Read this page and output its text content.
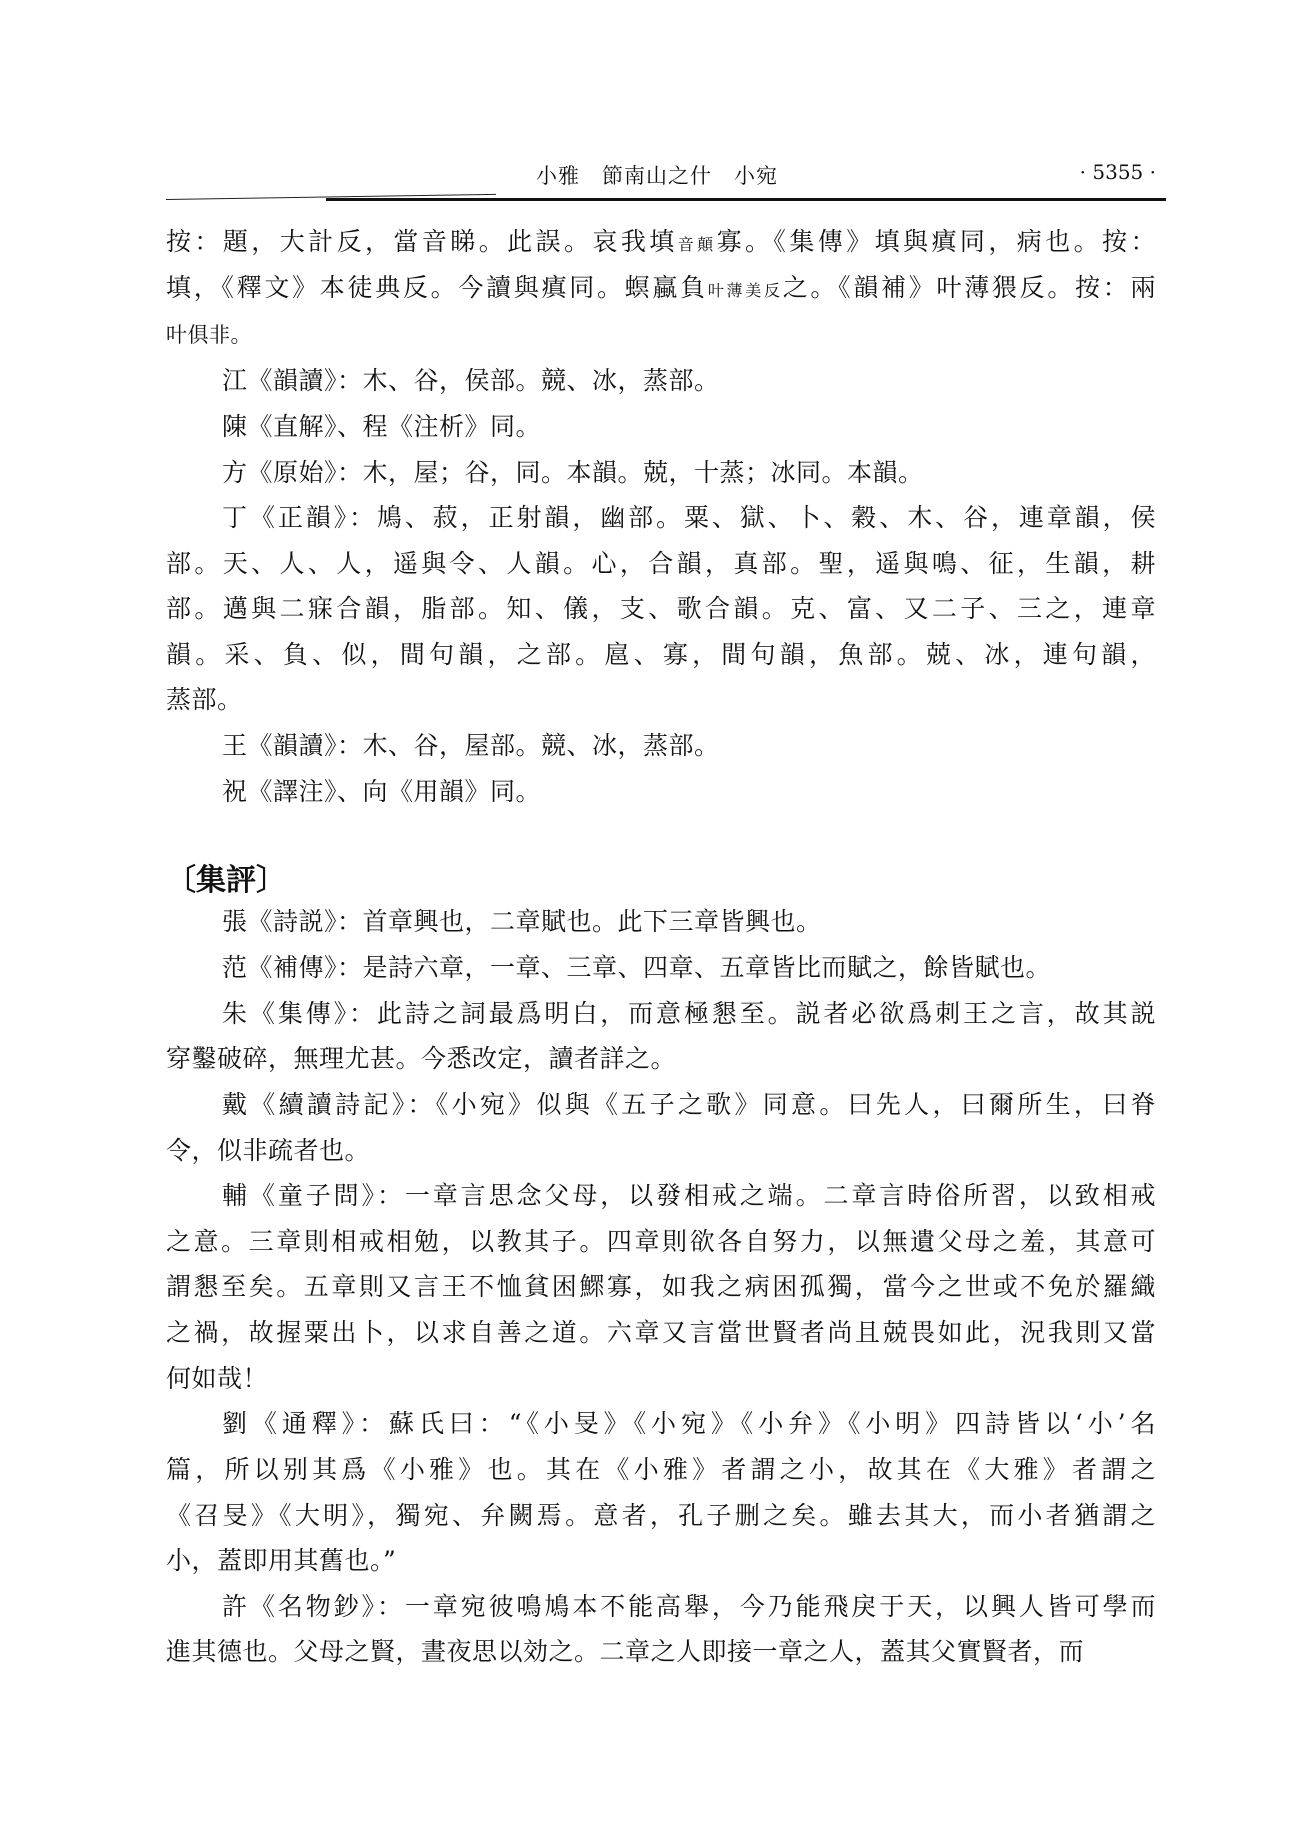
小雅　節南山之什　小宛	· 5355 ·
按：題，大計反，當音睇。此誤。哀我填音顛寡。《集傳》填與瘨同，病也。按：
填，《釋文》本徒典反。今讀與瘨同。螟蠃負叶薄美反之。《韻補》叶薄猥反。按：兩
叶俱非。
〔集評〕
江《韻讀》：木、谷，侯部。競、冰，蒸部。
陳《直解》、程《注析》同。
方《原始》：木，屋；谷，同。本韻。兢，十蒸；冰同。本韻。
丁《正韻》：鳩、菽，正射韻，幽部。粟、獄、卜、穀、木、谷，連章韻，侯
部。天、人、人，遥與令、人韻。心，合韻，真部。聖，遥與鳴、征，生韻，耕
部。邁與二寐合韻，脂部。知、儀，支、歌合韻。克、富、又二子、三之，連章
韻。采、負、似，間句韻，之部。扈、寡，間句韻，魚部。兢、冰，連句韻，
蒸部。
王《韻讀》：木、谷，屋部。競、冰，蒸部。
祝《譯注》、向《用韻》同。
張《詩説》：首章興也，二章賦也。此下三章皆興也。
范《補傳》：是詩六章，一章、三章、四章、五章皆比而賦之，餘皆賦也。
朱《集傳》：此詩之詞最爲明白，而意極懇至。説者必欲爲刺王之言，故其説
穿鑿破碎，無理尤甚。今悉改定，讀者詳之。
戴《續讀詩記》：《小宛》似與《五子之歌》同意。曰先人，曰爾所生，曰脊
令，似非疏者也。
輔《童子問》：一章言思念父母，以發相戒之端。二章言時俗所習，以致相戒
之意。三章則相戒相勉，以教其子。四章則欲各自努力，以無遺父母之羞，其意可
謂懇至矣。五章則又言王不恤貧困鰥寡，如我之病困孤獨，當今之世或不免於羅織
之禍，故握粟出卜，以求自善之道。六章又言當世賢者尚且兢畏如此，況我則又當
何如哉！
劉《通釋》：蘇氏曰：“《小旻》《小宛》《小弁》《小明》四詩皆以‘小’名
篇，所以别其爲《小雅》也。其在《小雅》者謂之小，故其在《大雅》者謂之
《召旻》《大明》，獨宛、弁闕焉。意者，孔子删之矣。雖去其大，而小者猶謂之
小，蓋即用其舊也。”
許《名物鈔》：一章宛彼鳴鳩本不能高舉，今乃能飛戾于天，以興人皆可學而
進其德也。父母之賢，晝夜思以効之。二章之人即接一章之人，蓋其父實賢者，而
